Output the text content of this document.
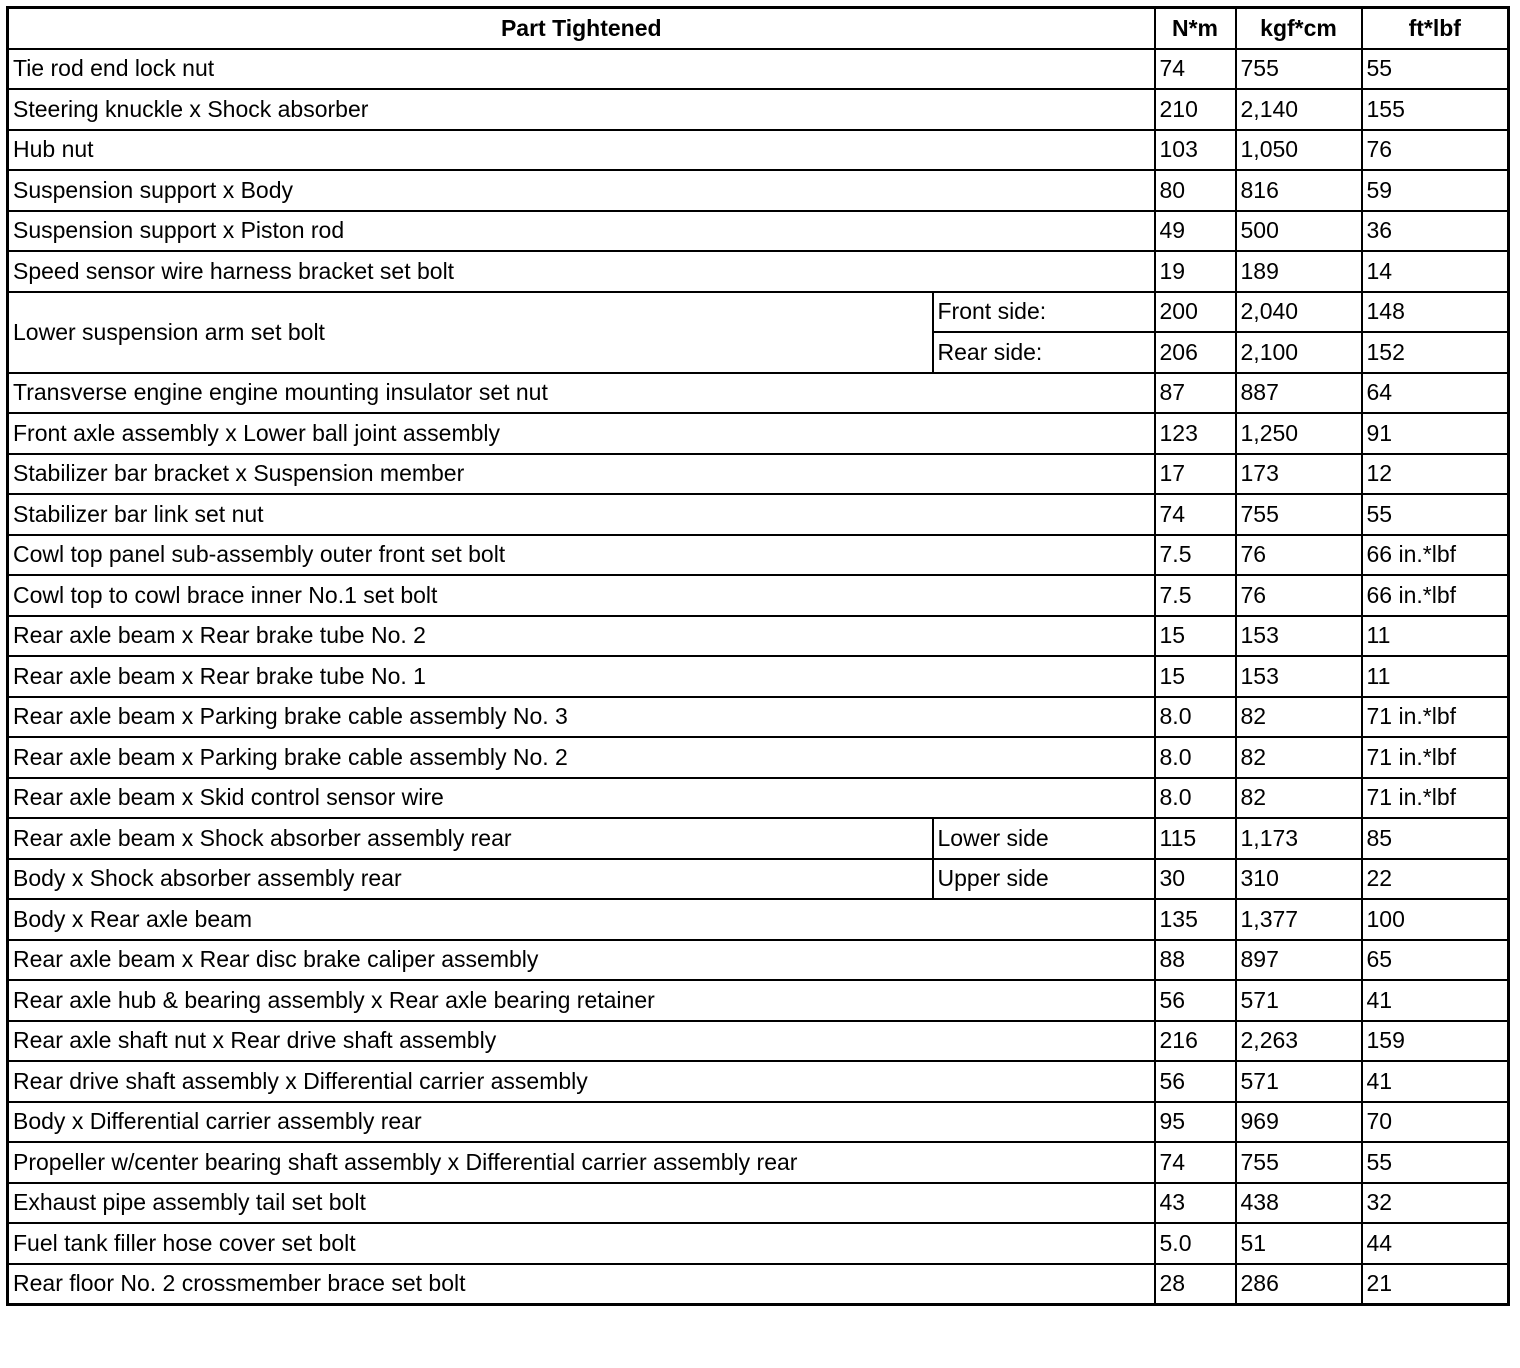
Part Tightened		N*m	kgf*cm	ft*lbf
Tie rod end lock nut		74	755	55
Steering knuckle x Shock absorber		210	2,140	155
Hub nut		103	1,050	76
Suspension support x Body		80	816	59
Suspension support x Piston rod		49	500	36
Speed sensor wire harness bracket set bolt		19	189	14
Lower suspension arm set bolt	Front side:	200	2,040	148
	Rear side:	206	2,100	152
Transverse engine engine mounting insulator set nut		87	887	64
Front axle assembly x Lower ball joint assembly		123	1,250	91
Stabilizer bar bracket x Suspension member		17	173	12
Stabilizer bar link set nut		74	755	55
Cowl top panel sub-assembly outer front set bolt		7.5	76	66 in.*lbf
Cowl top to cowl brace inner No.1 set bolt		7.5	76	66 in.*lbf
Rear axle beam x Rear brake tube No. 2		15	153	11
Rear axle beam x Rear brake tube No. 1		15	153	11
Rear axle beam x Parking brake cable assembly No. 3		8.0	82	71 in.*lbf
Rear axle beam x Parking brake cable assembly No. 2		8.0	82	71 in.*lbf
Rear axle beam x Skid control sensor wire		8.0	82	71 in.*lbf
Rear axle beam x Shock absorber assembly rear	Lower side	115	1,173	85
Body x Shock absorber assembly rear	Upper side	30	310	22
Body x Rear axle beam		135	1,377	100
Rear axle beam x Rear disc brake caliper assembly		88	897	65
Rear axle hub & bearing assembly x Rear axle bearing retainer		56	571	41
Rear axle shaft nut x Rear drive shaft assembly		216	2,263	159
Rear drive shaft assembly x Differential carrier assembly		56	571	41
Body x Differential carrier assembly rear		95	969	70
Propeller w/center bearing shaft assembly x Differential carrier assembly rear		74	755	55
Exhaust pipe assembly tail set bolt		43	438	32
Fuel tank filler hose cover set bolt		5.0	51	44
Rear floor No. 2 crossmember brace set bolt		28	286	21
